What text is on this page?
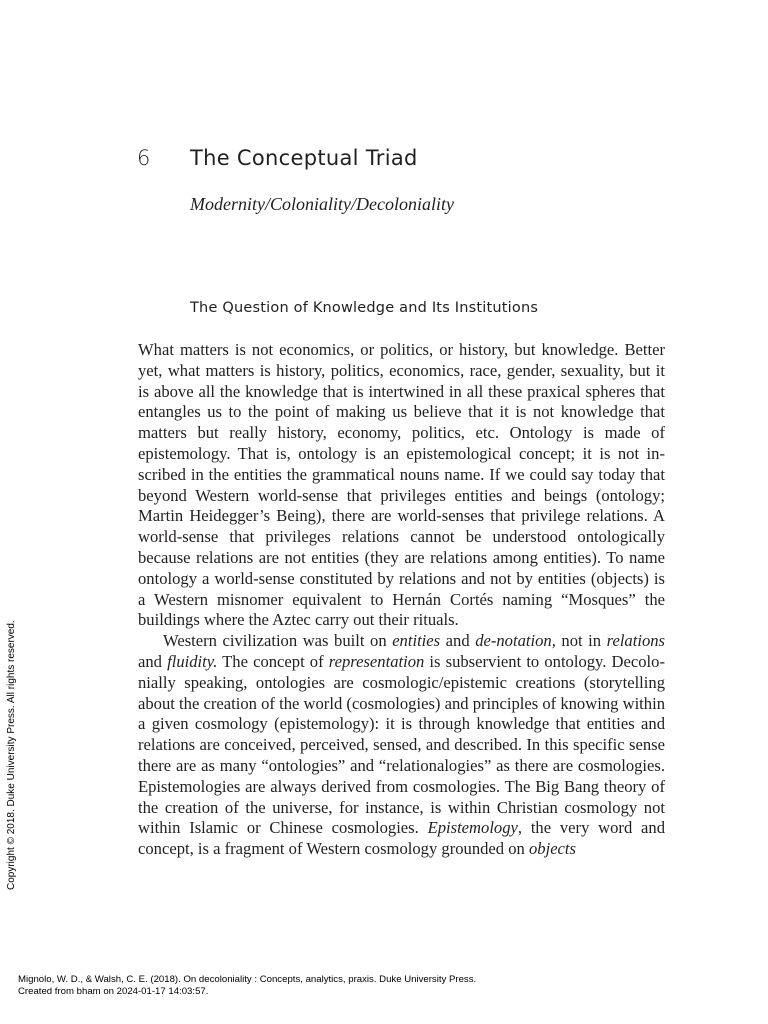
6 The Conceptual Triad
Modernity/Coloniality/Decoloniality
The Question of Knowledge and Its Institutions

What matters is not economics, or politics, or history, but knowledge. Better yet, what matters is history, politics, economics, race, gender, sexuality, but it is above all the knowledge that is intertwined in all these praxical spheres that entangles us to the point of making us believe that it is not knowledge that matters but really history, economy, politics, etc. Ontology is made of epistemology. That is, ontology is an epistemological concept; it is not inscribed in the entities the grammatical nouns name. If we could say today that beyond Western world-sense that privileges entities and beings (ontology; Martin Heidegger’s Being), there are world-senses that privilege relations. A world-sense that privileges relations cannot be understood ontologically because relations are not entities (they are relations among entities). To name ontology a world-sense constituted by relations and not by entities (objects) is a Western misnomer equivalent to Hernán Cortés naming “Mosques” the buildings where the Aztec carry out their rituals.

Western civilization was built on entities and de-notation, not in relations and fluidity. The concept of representation is subservient to ontology. Decolonially speaking, ontologies are cosmologic/epistemic creations (storytelling about the creation of the world (cosmologies) and principles of knowing within a given cosmology (epistemology): it is through knowledge that entities and relations are conceived, perceived, sensed, and described. In this specific sense there are as many “ontologies” and “relationalogies” as there are cosmologies. Epistemologies are always derived from cosmologies. The Big Bang theory of the creation of the universe, for instance, is within Christian cosmology not within Islamic or Chinese cosmologies. Epistemology, the very word and concept, is a fragment of Western cosmology grounded on objects

Copyright © 2018. Duke University Press. All rights reserved.
Mignolo, W. D., & Walsh, C. E. (2018). On decoloniality : Concepts, analytics, praxis. Duke University Press.
Created from bham on 2024-01-17 14:03:57.
